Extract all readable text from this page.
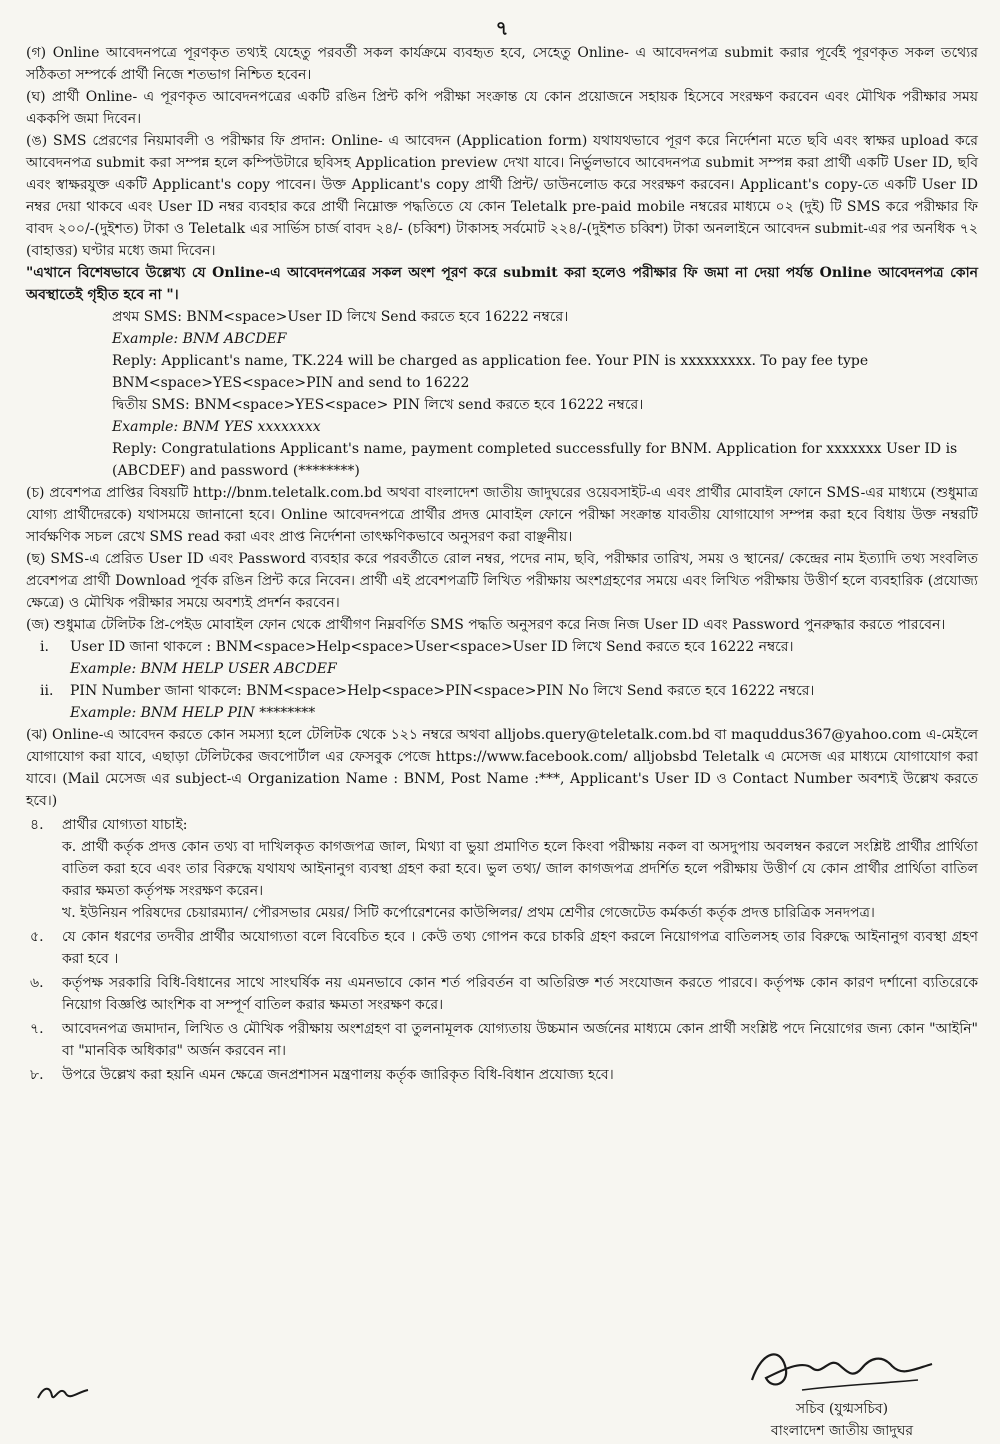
৭

(গ) Online আবেদনপত্রে পূরণকৃত তথ্যই যেহেতু পরবর্তী সকল কার্যক্রমে ব্যবহৃত হবে, সেহেতু Online- এ আবেদনপত্র submit করার পূর্বেই পূরণকৃত সকল তথ্যের সঠিকতা সম্পর্কে প্রার্থী নিজে শতভাগ নিশ্চিত হবেন।

(ঘ) প্রার্থী Online- এ পূরণকৃত আবেদনপত্রের একটি রঙিন প্রিন্ট কপি পরীক্ষা সংক্রান্ত যে কোন প্রয়োজনে সহায়ক হিসেবে সংরক্ষণ করবেন এবং মৌখিক পরীক্ষার সময় এককপি জমা দিবেন।

(ঙ) SMS প্রেরণের নিয়মাবলী ও পরীক্ষার ফি প্রদান: Online- এ আবেদন (Application form) যথাযথভাবে পূরণ করে নির্দেশনা মতে ছবি এবং স্বাক্ষর upload করে আবেদনপত্র submit করা সম্পন্ন হলে কম্পিউটারে ছবিসহ Application preview দেখা যাবে। নির্ভুলভাবে আবেদনপত্র submit সম্পন্ন করা প্রার্থী একটি User ID, ছবি এবং স্বাক্ষরযুক্ত একটি Applicant's copy পাবেন। উক্ত Applicant's copy প্রার্থী প্রিন্ট/ ডাউনলোড করে সংরক্ষণ করবেন। Applicant's copy-তে একটি User ID নম্বর দেয়া থাকবে এবং User ID নম্বর ব্যবহার করে প্রার্থী নিম্নোক্ত পদ্ধতিতে যে কোন Teletalk pre-paid mobile নম্বরের মাধ্যমে ০২ (দুই) টি SMS করে পরীক্ষার ফি বাবদ ২০০/-(দুইশত) টাকা ও Teletalk এর সার্ভিস চার্জ বাবদ ২৪/- (চব্বিশ) টাকাসহ সর্বমোট ২২৪/-(দুইশত চব্বিশ) টাকা অনলাইনে আবেদন submit-এর পর অনধিক ৭২ (বাহাত্তর) ঘণ্টার মধ্যে জমা দিবেন।

"এখানে বিশেষভাবে উল্লেখ্য যে Online-এ আবেদনপত্রের সকল অংশ পূরণ করে submit করা হলেও পরীক্ষার ফি জমা না দেয়া পর্যন্ত Online আবেদনপত্র কোন অবস্থাতেই গৃহীত হবে না "।

প্রথম SMS: BNM<space>User ID লিখে Send করতে হবে 16222 নম্বরে।

Example: BNM ABCDEF

Reply: Applicant's name, TK.224 will be charged as application fee. Your PIN is xxxxxxxxx. To pay fee type BNM<space>YES<space>PIN and send to 16222

দ্বিতীয় SMS: BNM<space>YES<space> PIN লিখে send করতে হবে 16222 নম্বরে।

Example: BNM YES xxxxxxxx

Reply: Congratulations Applicant's name, payment completed successfully for BNM. Application for xxxxxxx User ID is (ABCDEF) and password (********)

(চ) প্রবেশপত্র প্রাপ্তির বিষয়টি http://bnm.teletalk.com.bd অথবা বাংলাদেশ জাতীয় জাদুঘরের ওয়েবসাইট-এ এবং প্রার্থীর মোবাইল ফোনে SMS-এর মাধ্যমে (শুধুমাত্র যোগ্য প্রার্থীদেরকে) যথাসময়ে জানানো হবে। Online আবেদনপত্রে প্রার্থীর প্রদত্ত মোবাইল ফোনে পরীক্ষা সংক্রান্ত যাবতীয় যোগাযোগ সম্পন্ন করা হবে বিধায় উক্ত নম্বরটি সার্বক্ষণিক সচল রেখে SMS read করা এবং প্রাপ্ত নির্দেশনা তাৎক্ষণিকভাবে অনুসরণ করা বাঞ্ছনীয়।

(ছ) SMS-এ প্রেরিত User ID এবং Password ব্যবহার করে পরবর্তীতে রোল নম্বর, পদের নাম, ছবি, পরীক্ষার তারিখ, সময় ও স্থানের/ কেন্দ্রের নাম ইত্যাদি তথ্য সংবলিত প্রবেশপত্র প্রার্থী Download পূর্বক রঙিন প্রিন্ট করে নিবেন। প্রার্থী এই প্রবেশপত্রটি লিখিত পরীক্ষায় অংশগ্রহণের সময়ে এবং লিখিত পরীক্ষায় উত্তীর্ণ হলে ব্যবহারিক (প্রযোজ্য ক্ষেত্রে) ও মৌখিক পরীক্ষার সময়ে অবশ্যই প্রদর্শন করবেন।

(জ) শুধুমাত্র টেলিটক প্রি-পেইড মোবাইল ফোন থেকে প্রার্থীগণ নিম্নবর্ণিত SMS পদ্ধতি অনুসরণ করে নিজ নিজ User ID এবং Password পুনরুদ্ধার করতে পারবেন।

i.	User ID জানা থাকলে : BNM<space>Help<space>User<space>User ID লিখে Send করতে হবে 16222 নম্বরে।
Example: BNM HELP USER ABCDEF
ii.	PIN Number জানা থাকলে: BNM<space>Help<space>PIN<space>PIN No লিখে Send করতে হবে 16222 নম্বরে।
Example: BNM HELP PIN ********

(ঝ) Online-এ আবেদন করতে কোন সমস্যা হলে টেলিটক থেকে ১২১ নম্বরে অথবা alljobs.query@teletalk.com.bd বা maquddus367@yahoo.com এ-মেইলে যোগাযোগ করা যাবে, এছাড়া টেলিটকের জবপোর্টাল এর ফেসবুক পেজে https://www.facebook.com/ alljobsbd Teletalk এ মেসেজ এর মাধ্যমে যোগাযোগ করা যাবে। (Mail মেসেজ এর subject-এ Organization Name : BNM, Post Name :***, Applicant's User ID ও Contact Number অবশ্যই উল্লেখ করতে হবে।)

৪.	প্রার্থীর যোগ্যতা যাচাই:

ক. প্রার্থী কর্তৃক প্রদত্ত কোন তথ্য বা দাখিলকৃত কাগজপত্র জাল, মিথ্যা বা ভুয়া প্রমাণিত হলে কিংবা পরীক্ষায় নকল বা অসদুপায় অবলম্বন করলে সংশ্লিষ্ট প্রার্থীর প্রার্থিতা বাতিল করা হবে এবং তার বিরুদ্ধে যথাযথ আইনানুগ ব্যবস্থা গ্রহণ করা হবে। ভুল তথ্য/ জাল কাগজপত্র প্রদর্শিত হলে পরীক্ষায় উত্তীর্ণ যে কোন প্রার্থীর প্রার্থিতা বাতিল করার ক্ষমতা কর্তৃপক্ষ সংরক্ষণ করেন।

খ. ইউনিয়ন পরিষদের চেয়ারম্যান/ পৌরসভার মেয়র/ সিটি কর্পোরেশনের কাউন্সিলর/ প্রথম শ্রেণীর গেজেটেড কর্মকর্তা কর্তৃক প্রদত্ত চারিত্রিক সনদপত্র।

৫.	যে কোন ধরণের তদবীর প্রার্থীর অযোগ্যতা বলে বিবেচিত হবে । কেউ তথ্য গোপন করে চাকরি গ্রহণ করলে নিয়োগপত্র বাতিলসহ তার বিরুদ্ধে আইনানুগ ব্যবস্থা গ্রহণ করা হবে ।
৬.	কর্তৃপক্ষ সরকারি বিধি-বিধানের সাথে সাংঘর্ষিক নয় এমনভাবে কোন শর্ত পরিবর্তন বা অতিরিক্ত শর্ত সংযোজন করতে পারবে। কর্তৃপক্ষ কোন কারণ দর্শানো ব্যতিরেকে নিয়োগ বিজ্ঞপ্তি আংশিক বা সম্পূর্ণ বাতিল করার ক্ষমতা সংরক্ষণ করে।
৭.	আবেদনপত্র জমাদান, লিখিত ও মৌখিক পরীক্ষায় অংশগ্রহণ বা তুলনামূলক যোগ্যতায় উচ্চমান অর্জনের মাধ্যমে কোন প্রার্থী সংশ্লিষ্ট পদে নিয়োগের জন্য কোন "আইনি" বা "মানবিক অধিকার" অর্জন করবেন না।
৮.	উপরে উল্লেখ করা হয়নি এমন ক্ষেত্রে জনপ্রশাসন মন্ত্রণালয় কর্তৃক জারিকৃত বিধি-বিধান প্রযোজ্য হবে।

সচিব (যুগ্মসচিব)

বাংলাদেশ জাতীয় জাদুঘর
